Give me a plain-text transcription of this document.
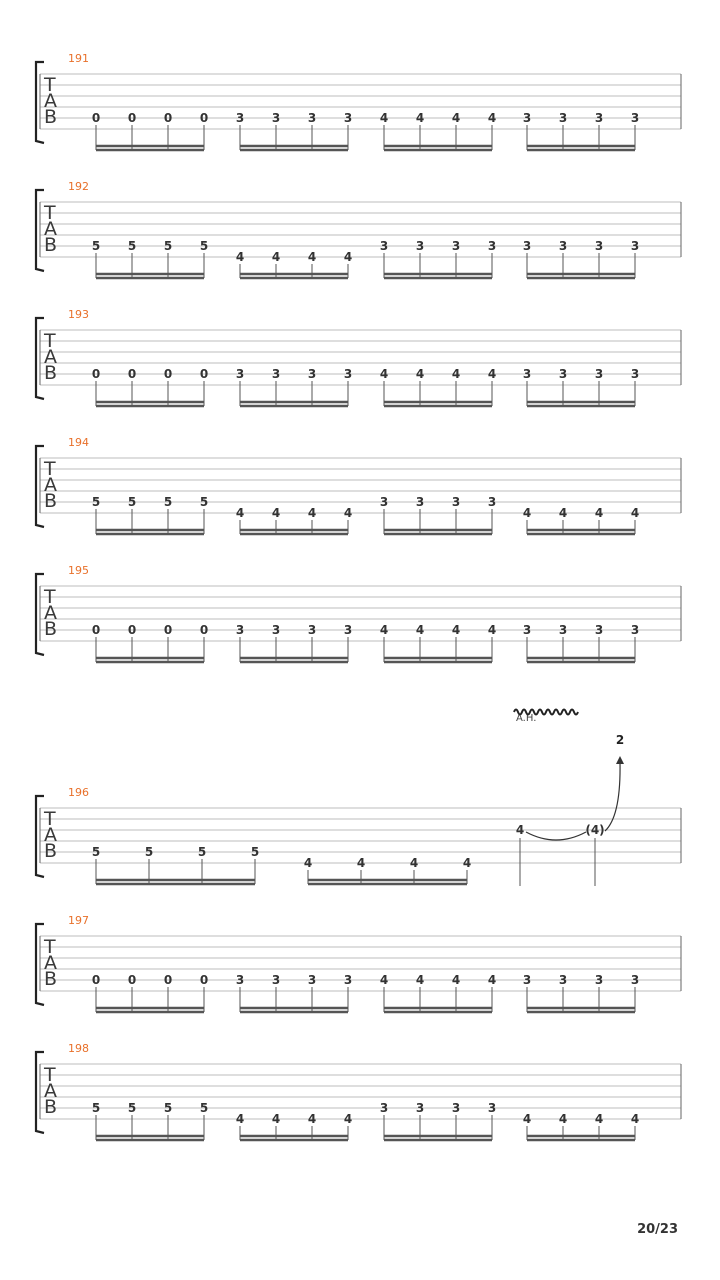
T
A
B
191
0 0 0 0 3 3 3 3 4 4 4 4 3 3 3 3
T
A
B
192
5 5 5 5
4 4 4 4
3 3 3 3 3 3 3 3
T
A
B
193
0 0 0 0 3 3 3 3 4 4 4 4 3 3 3 3
T
A
B
194
5 5 5 5
4 4 4 4
3 3 3 3
4 4 4 4
T
A
B
195
0 0 0 0 3 3 3 3 4 4 4 4 3 3 3 3
T
A
B
196
5	5	5	5
4	4	4	4
4	(4)
2
A.H.
T
A
B
197
0 0 0 0 3 3 3 3 4 4 4 4 3 3 3 3
T
A
B
198
5 5 5 5
4 4 4 4
3 3 3 3
4 4 4 4
20/23
